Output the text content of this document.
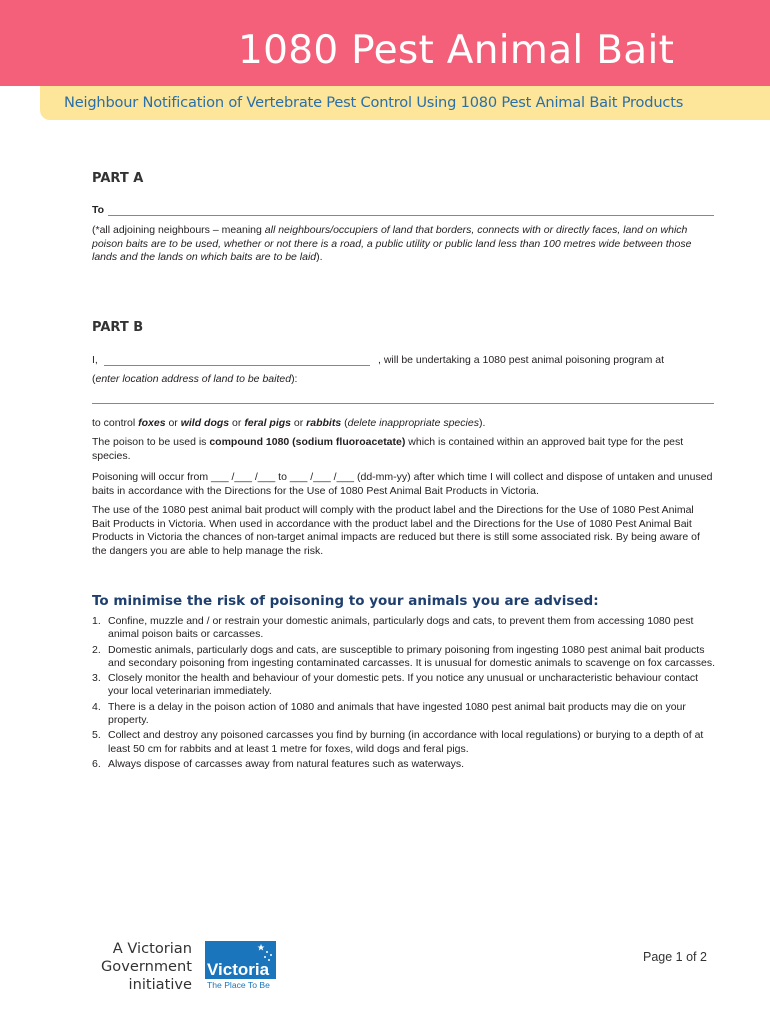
1080 Pest Animal Bait
Neighbour Notification of Vertebrate Pest Control Using 1080 Pest Animal Bait Products
PART A
To
(*all adjoining neighbours – meaning all neighbours/occupiers of land that borders, connects with or directly faces, land on which poison baits are to be used, whether or not there is a road, a public utility or public land less than 100 metres wide between those lands and the lands on which baits are to be laid).
PART B
I,	, will be undertaking a 1080 pest animal poisoning program at
(enter location address of land to be baited):
to control foxes or wild dogs or feral pigs or rabbits (delete inappropriate species).
The poison to be used is compound 1080 (sodium fluoroacetate) which is contained within an approved bait type for the pest species.
Poisoning will occur from ___ /___ /___ to ___ /___ /___ (dd-mm-yy) after which time I will collect and dispose of untaken and unused baits in accordance with the Directions for the Use of 1080 Pest Animal Bait Products in Victoria.
The use of the 1080 pest animal bait product will comply with the product label and the Directions for the Use of 1080 Pest Animal Bait Products in Victoria. When used in accordance with the product label and the Directions for the Use of 1080 Pest Animal Bait Products in Victoria the chances of non-target animal impacts are reduced but there is still some associated risk. By being aware of the dangers you are able to help manage the risk.
To minimise the risk of poisoning to your animals you are advised:
1. Confine, muzzle and / or restrain your domestic animals, particularly dogs and cats, to prevent them from accessing 1080 pest animal poison baits or carcasses.
2. Domestic animals, particularly dogs and cats, are susceptible to primary poisoning from ingesting 1080 pest animal bait products and secondary poisoning from ingesting contaminated carcasses. It is unusual for domestic animals to scavenge on fox carcasses.
3. Closely monitor the health and behaviour of your domestic pets. If you notice any unusual or uncharacteristic behaviour contact your local veterinarian immediately.
4. There is a delay in the poison action of 1080 and animals that have ingested 1080 pest animal bait products may die on your property.
5. Collect and destroy any poisoned carcasses you find by burning (in accordance with local regulations) or burying to a depth of at least 50 cm for rabbits and at least 1 metre for foxes, wild dogs and feral pigs.
6. Always dispose of carcasses away from natural features such as waterways.
A Victorian
Government
initiative
Victoria
The Place To Be
Page 1 of 2
